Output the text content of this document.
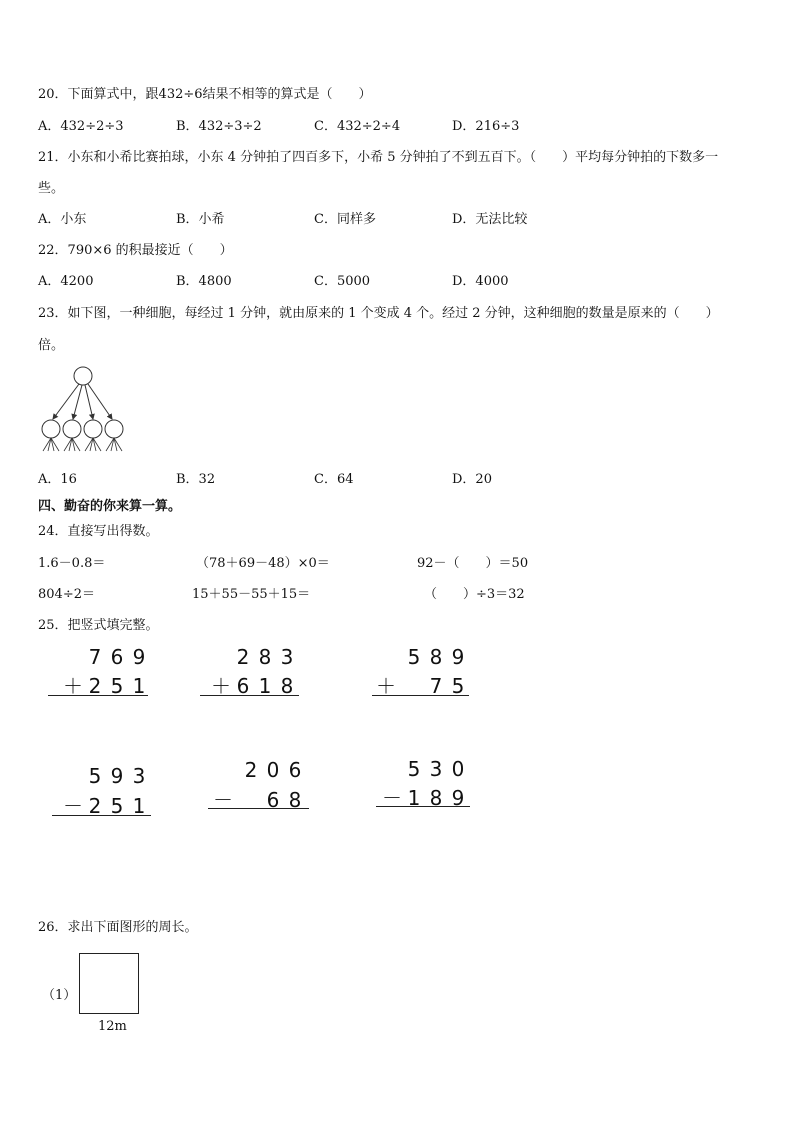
20．下面算式中，跟432÷6结果不相等的算式是（　　）
A．432÷2÷3	B．432÷3÷2	C．432÷2÷4	D．216÷3
21．小东和小希比赛拍球，小东 4 分钟拍了四百多下，小希 5 分钟拍了不到五百下。（　　）平均每分钟拍的下数多一
些。
A．小东	B．小希	C．同样多	D．无法比较
22．790×6 的积最接近（　　）
A．4200	B．4800	C．5000	D．4000
23．如下图，一种细胞，每经过 1 分钟，就由原来的 1 个变成 4 个。经过 2 分钟，这种细胞的数量是原来的（　　）
倍。
A．16	B．32	C．64	D．20
四、勤奋的你来算一算。
24．直接写出得数。
1.6－0.8＝	（78＋69－48）×0＝	92－（　　）＝50
804÷2＝	15＋55－55＋15＝	（　　）÷3＝32
25．把竖式填完整。
7 6 9
＋ 2 5 1
2 8 3
＋ 6 1 8
5 8 9
＋ 7 5
5 9 3
－ 2 5 1
2 0 6
－ 6 8
5 3 0
－ 1 8 9
26．求出下面图形的周长。
（1）
12m
